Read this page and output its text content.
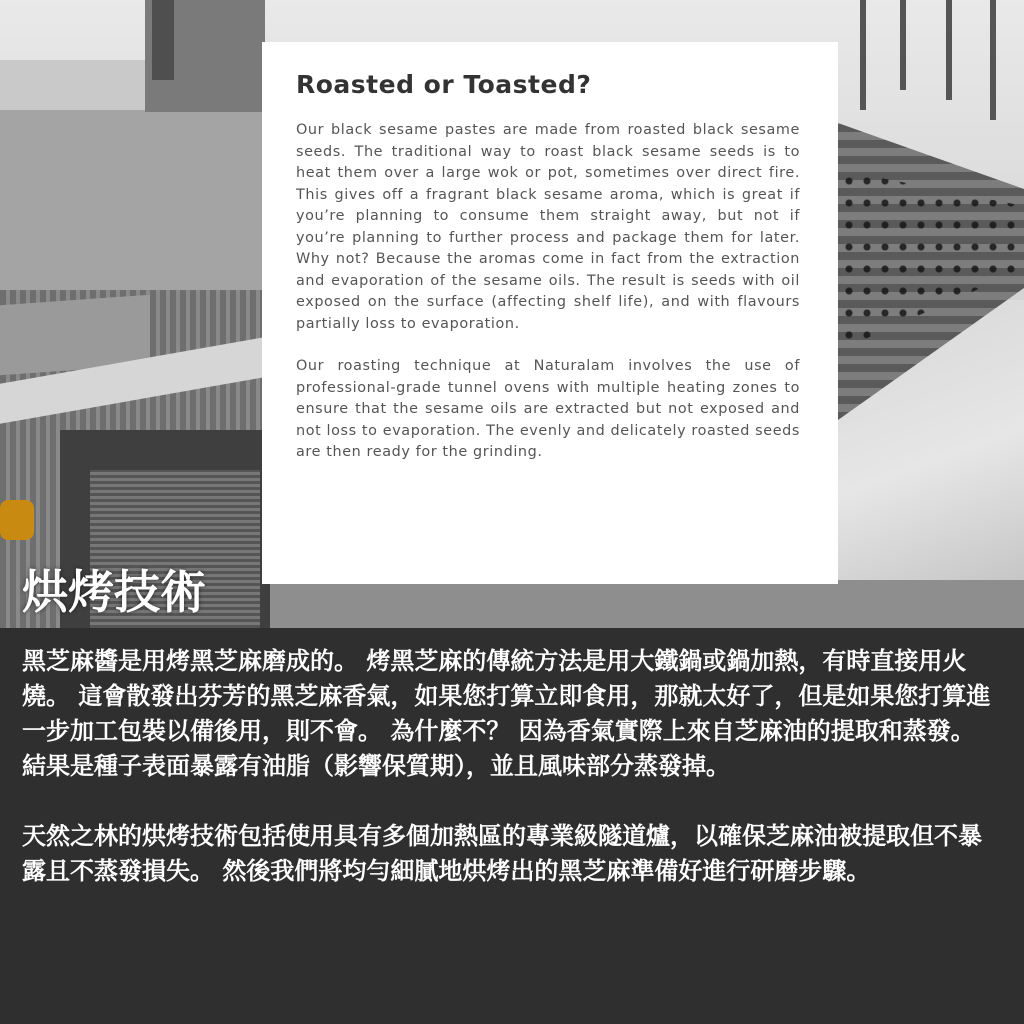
Roasted or Toasted?

Our black sesame pastes are made from roasted black sesame seeds. The traditional way to roast black sesame seeds is to heat them over a large wok or pot, sometimes over direct fire. This gives off a fragrant black sesame aroma, which is great if you’re planning to consume them straight away, but not if you’re planning to further process and package them for later. Why not? Because the aromas come in fact from the extraction and evaporation of the sesame oils. The result is seeds with oil exposed on the surface (affecting shelf life), and with flavours partially loss to evaporation.

Our roasting technique at Naturalam involves the use of professional-grade tunnel ovens with multiple heating zones to ensure that the sesame oils are extracted but not exposed and not loss to evaporation. The evenly and delicately roasted seeds are then ready for the grinding.

烘烤技術

黑芝麻醬是用烤黑芝麻磨成的。 烤黑芝麻的傳統方法是用大鐵鍋或鍋加熱，有時直接用火燒。 這會散發出芬芳的黑芝麻香氣，如果您打算立即食用，那就太好了，但是如果您打算進一步加工包裝以備後用，則不會。 為什麼不？ 因為香氣實際上來自芝麻油的提取和蒸發。 結果是種子表面暴露有油脂（影響保質期），並且風味部分蒸發掉。

天然之林的烘烤技術包括使用具有多個加熱區的專業級隧道爐，以確保芝麻油被提取但不暴露且不蒸發損失。 然後我們將均勻細膩地烘烤出的黑芝麻準備好進行研磨步驟。
